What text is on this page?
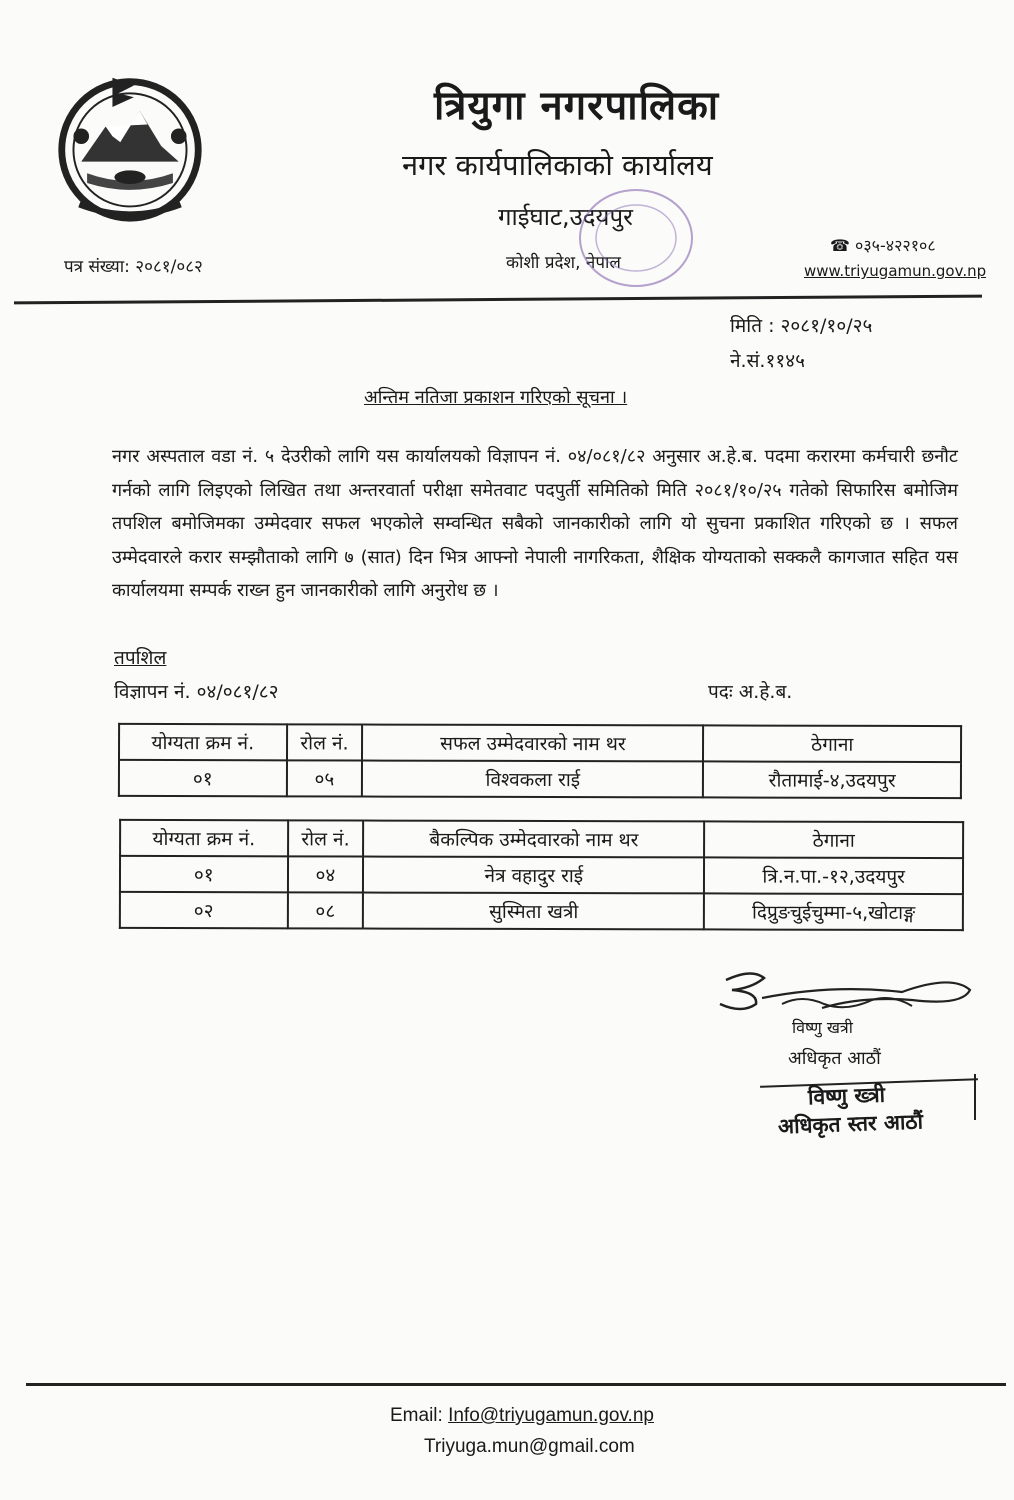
त्रियुगा नगरपालिका
नगर कार्यपालिकाको कार्यालय
गाईघाट,उदयपुर
कोशी प्रदेश, नेपाल
पत्र संख्या: २०८१/०८२
☎ ०३५-४२२१०८
www.triyugamun.gov.np
मिति : २०८१/१०/२५
ने.सं.११४५
अन्तिम नतिजा प्रकाशन गरिएको सूचना ।
नगर अस्पताल वडा नं. ५ देउरीको लागि यस कार्यालयको विज्ञापन नं. ०४/०८१/८२ अनुसार अ.हे.ब. पदमा करारमा कर्मचारी छनौट गर्नको लागि लिइएको लिखित तथा अन्तरवार्ता परीक्षा समेतवाट पदपुर्ती समितिको मिति २०८१/१०/२५ गतेको सिफारिस बमोजिम तपशिल बमोजिमका उम्मेदवार सफल भएकोले सम्वन्धित सबैको जानकारीको लागि यो सुचना प्रकाशित गरिएको छ । सफल उम्मेदवारले करार सम्झौताको लागि ७ (सात) दिन भित्र आफ्नो नेपाली नागरिकता, शैक्षिक योग्यताको सक्कलै कागजात सहित यस कार्यालयमा सम्पर्क राख्न हुन जानकारीको लागि अनुरोध छ ।
तपशिल
विज्ञापन नं. ०४/०८१/८२	पदः अ.हे.ब.
योग्यता क्रम नं.	रोल नं.	सफल उम्मेदवारको नाम थर	ठेगाना
०१	०५	विश्वकला राई	रौतामाई-४,उदयपुर
योग्यता क्रम नं.	रोल नं.	बैकल्पिक उम्मेदवारको नाम थर	ठेगाना
०१	०४	नेत्र वहादुर राई	त्रि.न.पा.-१२,उदयपुर
०२	०८	सुस्मिता खत्री	दिप्रुङचुईचुम्मा-५,खोटाङ्ग
विष्णु खत्री
अधिकृत आठौं
विष्णु ख्त्री
अधिकृत स्तर आठौं
Email: Info@triyugamun.gov.np
Triyuga.mun@gmail.com
